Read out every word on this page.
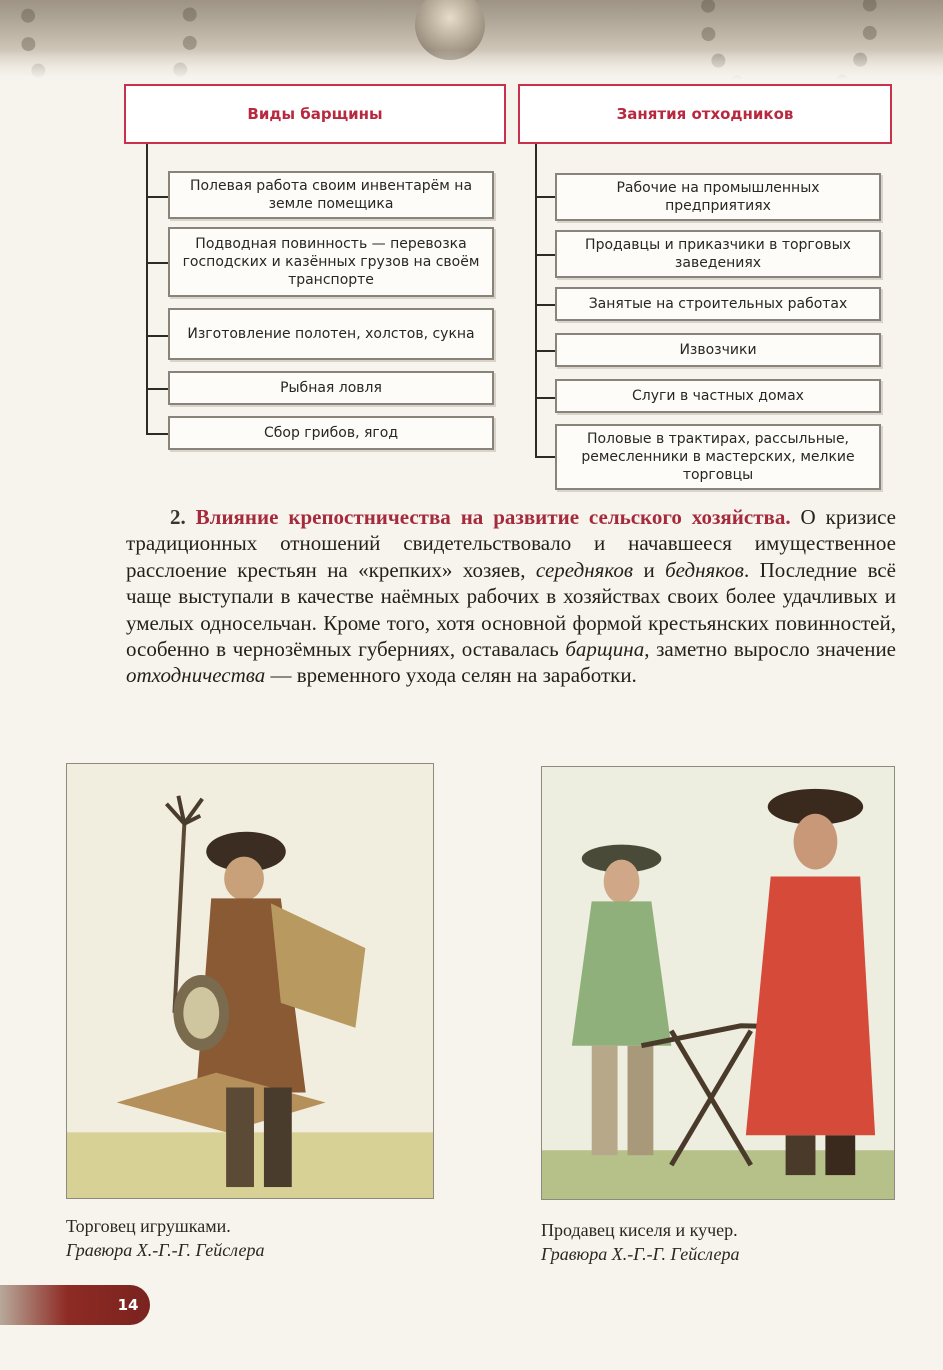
Виды барщины
Полевая работа своим инвентарём на земле помещика
Подводная повинность — перевозка господских и казённых грузов на своём транспорте
Изготовление полотен, холстов, сукна
Рыбная ловля
Сбор грибов, ягод
Занятия отходников
Рабочие на промышленных предприятиях
Продавцы и приказчики в торговых заведениях
Занятые на строительных работах
Извозчики
Слуги в частных домах
Половые в трактирах, рассыльные, ремесленники в мастерских, мелкие торговцы
2. Влияние крепостничества на развитие сельского хозяйства. О кризисе традиционных отношений свидетельствовало и начавшееся имущественное расслоение крестьян на «крепких» хозяев, середняков и бедняков. Последние всё чаще выступали в качестве наёмных рабочих в хозяйствах своих более удачливых и умелых односельчан. Кроме того, хотя основной формой крестьянских повинностей, особенно в чернозёмных губерниях, оставалась барщина, заметно выросло значение отходничества — временного ухода селян на заработки.
Торговец игрушками.
Гравюра Х.-Г.-Г. Гейслера
Продавец киселя и кучер.
Гравюра Х.-Г.-Г. Гейслера
14
